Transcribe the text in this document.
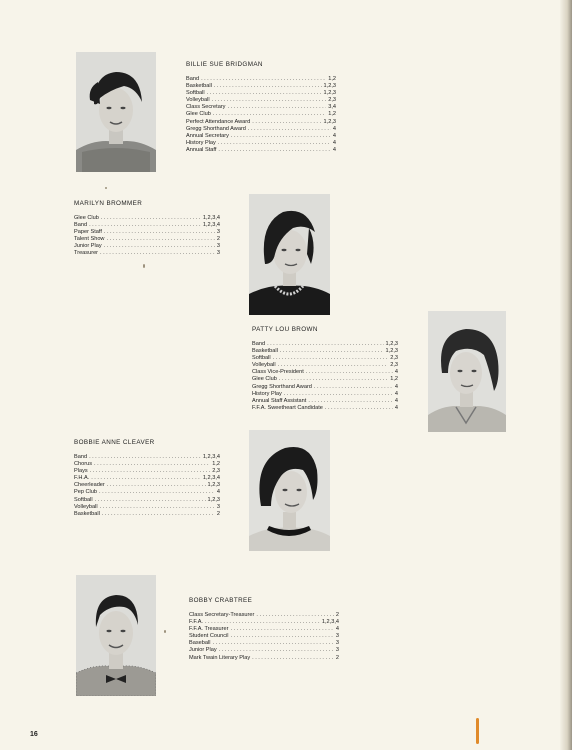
BILLIE SUE BRIDGMAN
Band .....	1,2
Basketball .....	1,2,3
Softball .....	1,2,3
Volleyball .....	2,3
Class Secretary .....	3,4
Glee Club .....	1,2
Perfect Attendance Award .....	1,2,3
Gregg Shorthand Award .....	4
Annual Secretary .....	4
History Play .....	4
Annual Staff .....	4
MARILYN BROMMER
Glee Club .....	1,2,3,4
Band .....	1,2,3,4
Paper Staff .....	3
Talent Show .....	2
Junior Play .....	3
Treasurer .....	3
PATTY LOU BROWN
Band .....	1,2,3
Basketball .....	1,2,3
Softball .....	2,3
Volleyball .....	2,3
Class Vice-President .....	4
Glee Club .....	1,2
Gregg Shorthand Award .....	4
History Play .....	4
Annual Staff Assistant .....	4
F.F.A. Sweetheart Candidate .....	4
BOBBIE ANNE CLEAVER
Band .....	1,2,3,4
Chorus .....	1,2
Plays .....	2,3
F.H.A. .....	1,2,3,4
Cheerleader .....	1,2,3
Pep Club .....	4
Softball .....	1,2,3
Volleyball .....	3
Basketball .....	2
BOBBY CRABTREE
Class Secretary-Treasurer .....	2
F.F.A. .....	1,2,3,4
F.F.A. Treasurer .....	4
Student Council .....	3
Baseball .....	3
Junior Play .....	3
Mark Twain Literary Play .....	2
16
